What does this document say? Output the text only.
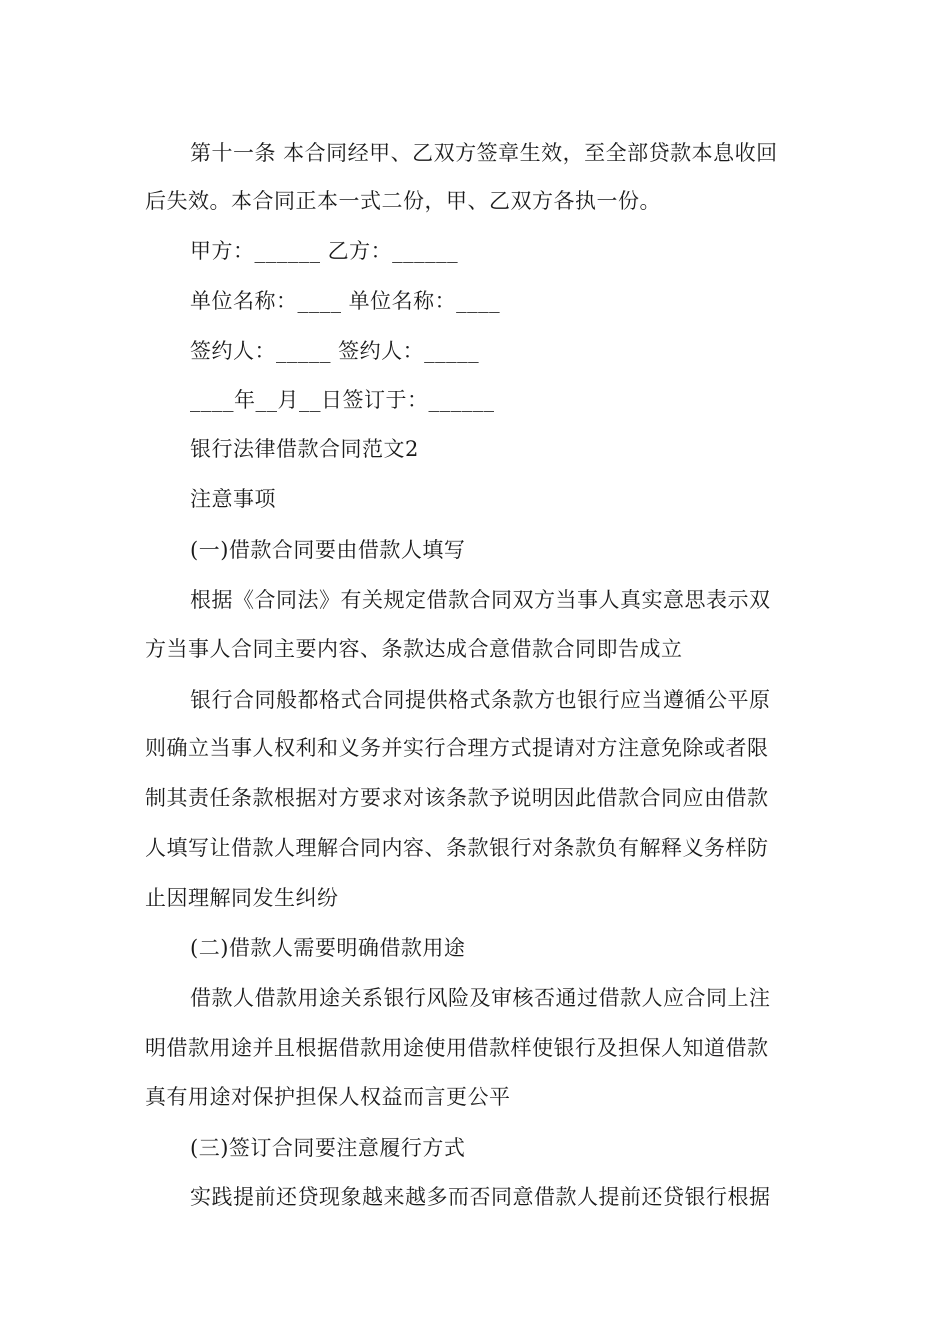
第十一条 本合同经甲、乙双方签章生效，至全部贷款本息收回
后失效。本合同正本一式二份，甲、乙双方各执一份。
甲方：______ 乙方：______
单位名称：____ 单位名称：____
签约人：_____ 签约人：_____
____年__月__日签订于：______
银行法律借款合同范文2
注意事项
(一)借款合同要由借款人填写
根据《合同法》有关规定借款合同双方当事人真实意思表示双
方当事人合同主要内容、条款达成合意借款合同即告成立
银行合同般都格式合同提供格式条款方也银行应当遵循公平原
则确立当事人权利和义务并实行合理方式提请对方注意免除或者限
制其责任条款根据对方要求对该条款予说明因此借款合同应由借款
人填写让借款人理解合同内容、条款银行对条款负有解释义务样防
止因理解同发生纠纷
(二)借款人需要明确借款用途
借款人借款用途关系银行风险及审核否通过借款人应合同上注
明借款用途并且根据借款用途使用借款样使银行及担保人知道借款
真有用途对保护担保人权益而言更公平
(三)签订合同要注意履行方式
实践提前还贷现象越来越多而否同意借款人提前还贷银行根据
